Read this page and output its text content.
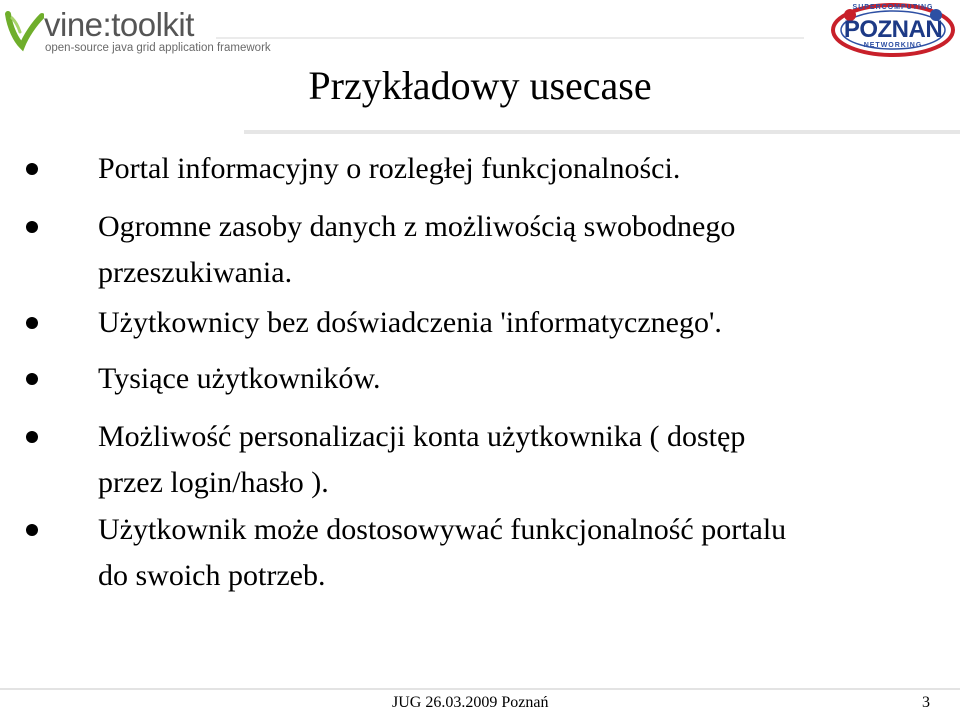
vine:toolkit
open-source java grid application framework
SUPERCOMPUTING
POZNAN
NETWORKING
Przykładowy usecase
Portal informacyjny o rozległej funkcjonalności.
Ogromne zasoby danych z możliwością swobodnego
przeszukiwania.
Użytkownicy bez doświadczenia 'informatycznego'.
Tysiące użytkowników.
Możliwość personalizacji konta użytkownika ( dostęp
przez login/hasło ).
Użytkownik może dostosowywać funkcjonalność portalu
do swoich potrzeb.
JUG 26.03.2009 Poznań	3
